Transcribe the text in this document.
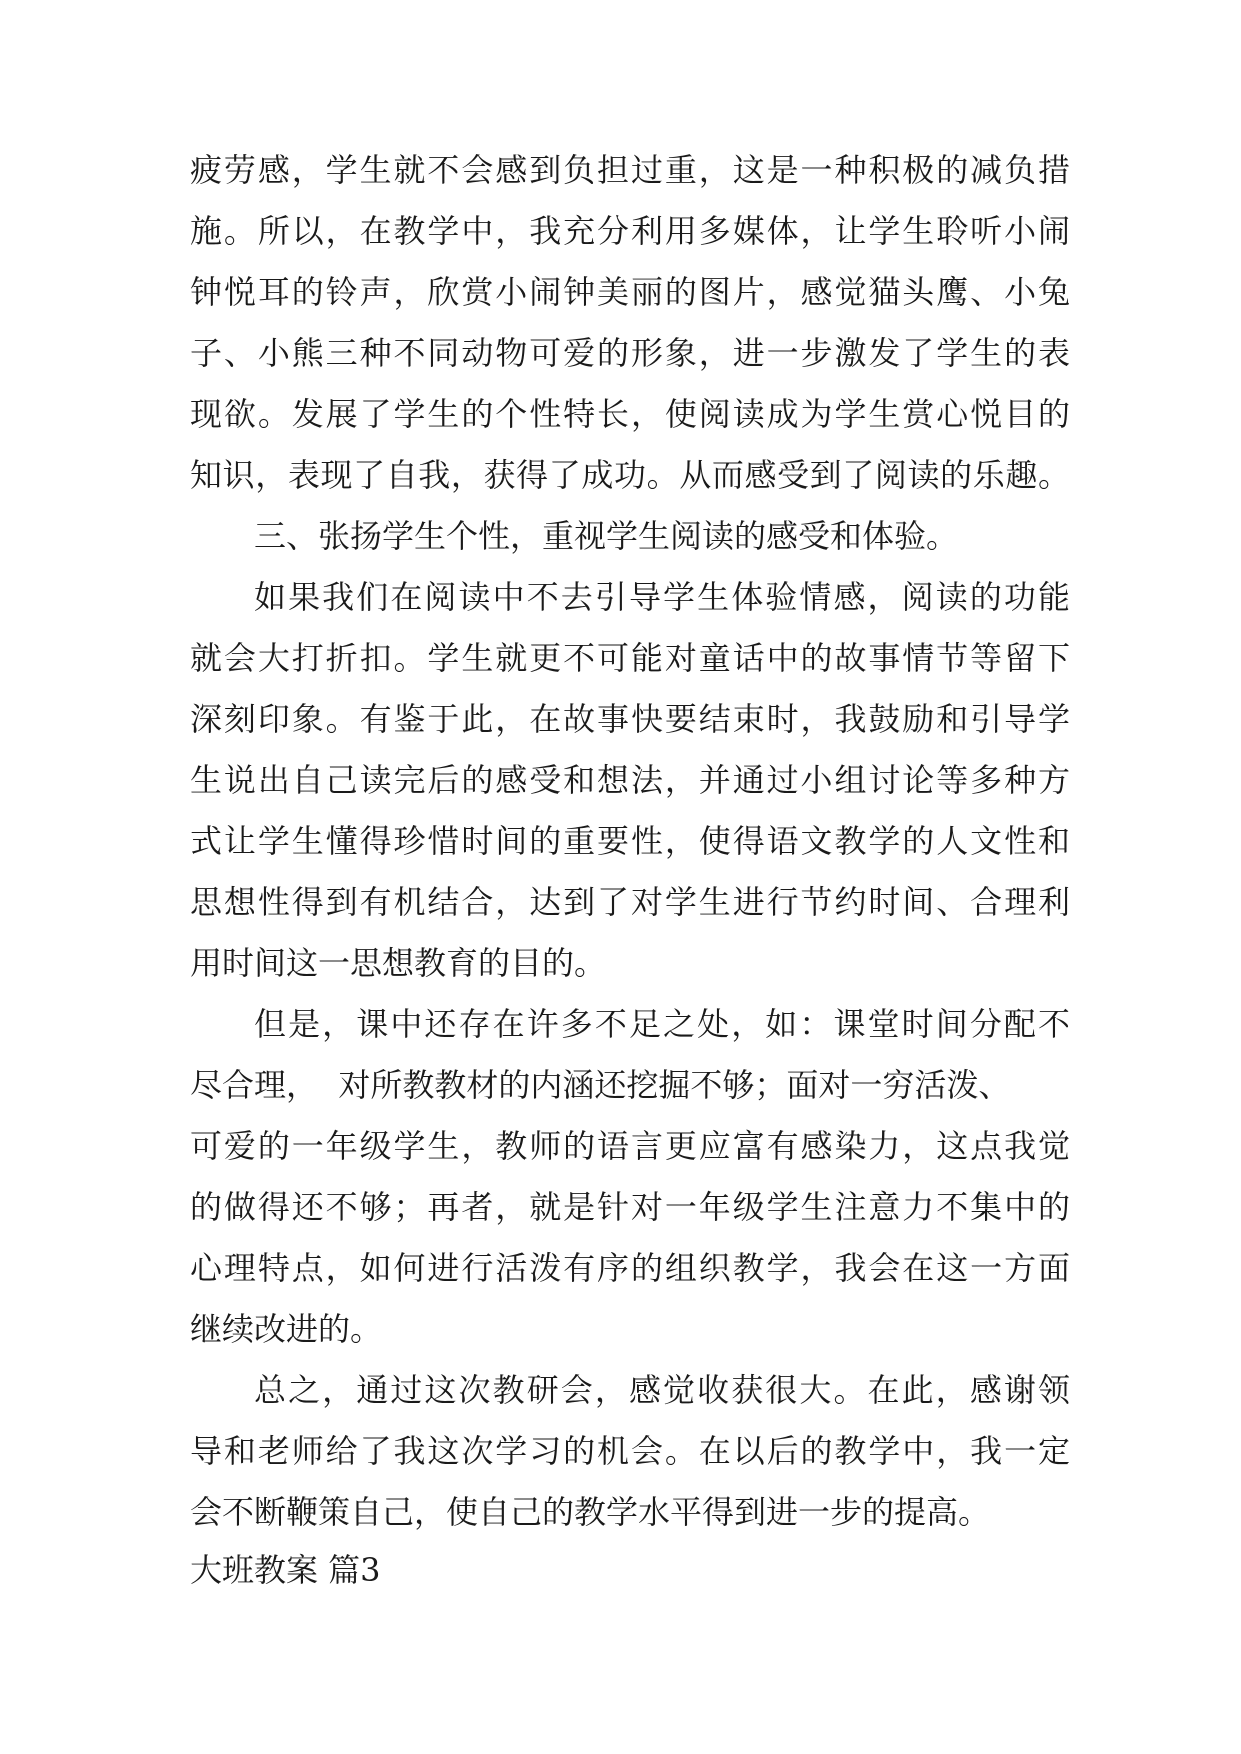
疲劳感，学生就不会感到负担过重，这是一种积极的减负措
施。所以，在教学中，我充分利用多媒体，让学生聆听小闹
钟悦耳的铃声，欣赏小闹钟美丽的图片，感觉猫头鹰、小兔
子、小熊三种不同动物可爱的形象，进一步激发了学生的表
现欲。发展了学生的个性特长，使阅读成为学生赏心悦目的
知识，表现了自我，获得了成功。从而感受到了阅读的乐趣。
三、张扬学生个性，重视学生阅读的感受和体验。
如果我们在阅读中不去引导学生体验情感，阅读的功能
就会大打折扣。学生就更不可能对童话中的故事情节等留下
深刻印象。有鉴于此，在故事快要结束时，我鼓励和引导学
生说出自己读完后的感受和想法，并通过小组讨论等多种方
式让学生懂得珍惜时间的重要性，使得语文教学的人文性和
思想性得到有机结合，达到了对学生进行节约时间、合理利
用时间这一思想教育的目的。
但是，课中还存在许多不足之处，如：课堂时间分配不
尽合理，  对所教教材的内涵还挖掘不够；面对一穷活泼、
可爱的一年级学生，教师的语言更应富有感染力，这点我觉
的做得还不够；再者，就是针对一年级学生注意力不集中的
心理特点，如何进行活泼有序的组织教学，我会在这一方面
继续改进的。
总之，通过这次教研会，感觉收获很大。在此，感谢领
导和老师给了我这次学习的机会。在以后的教学中，我一定
会不断鞭策自己，使自己的教学水平得到进一步的提高。
大班教案 篇3
